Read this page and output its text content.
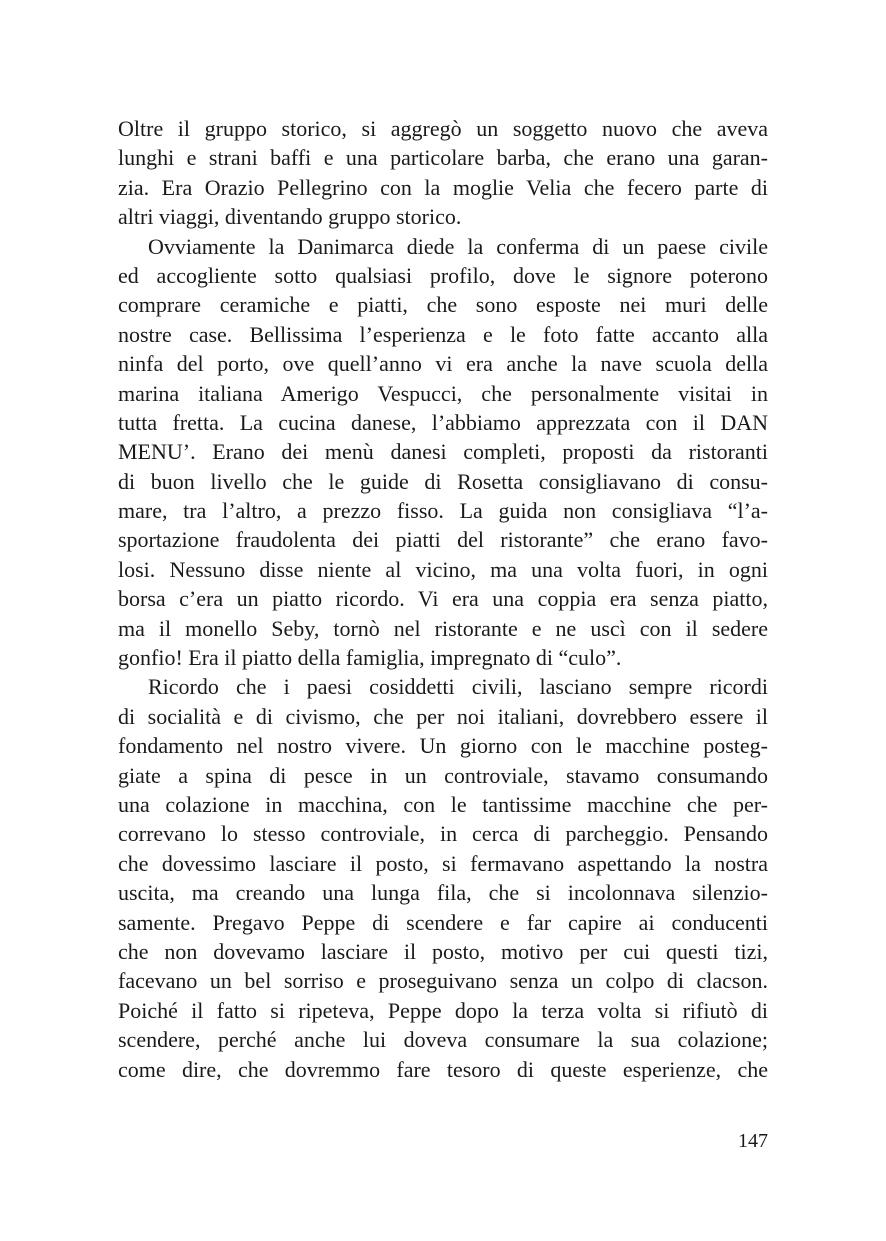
Oltre il gruppo storico, si aggregò un soggetto nuovo che aveva
lunghi e strani baffi e una particolare barba, che erano una garan-
zia. Era Orazio Pellegrino con la moglie Velia che fecero parte di
altri viaggi, diventando gruppo storico.
Ovviamente la Danimarca diede la conferma di un paese civile
ed accogliente sotto qualsiasi profilo, dove le signore poterono
comprare ceramiche e piatti, che sono esposte nei muri delle
nostre case. Bellissima l’esperienza e le foto fatte accanto alla
ninfa del porto, ove quell’anno vi era anche la nave scuola della
marina italiana Amerigo Vespucci, che personalmente visitai in
tutta fretta. La cucina danese, l’abbiamo apprezzata con il DAN
MENU’. Erano dei menù danesi completi, proposti da ristoranti
di buon livello che le guide di Rosetta consigliavano di consu-
mare, tra l’altro, a prezzo fisso. La guida non consigliava “l’a-
sportazione fraudolenta dei piatti del ristorante” che erano favo-
losi. Nessuno disse niente al vicino, ma una volta fuori, in ogni
borsa c’era un piatto ricordo. Vi era una coppia era senza piatto,
ma il monello Seby, tornò nel ristorante e ne uscì con il sedere
gonfio! Era il piatto della famiglia, impregnato di “culo”.
Ricordo che i paesi cosiddetti civili, lasciano sempre ricordi
di socialità e di civismo, che per noi italiani, dovrebbero essere il
fondamento nel nostro vivere. Un giorno con le macchine posteg-
giate a spina di pesce in un controviale, stavamo consumando
una colazione in macchina, con le tantissime macchine che per-
correvano lo stesso controviale, in cerca di parcheggio. Pensando
che dovessimo lasciare il posto, si fermavano aspettando la nostra
uscita, ma creando una lunga fila, che si incolonnava silenzio-
samente. Pregavo Peppe di scendere e far capire ai conducenti
che non dovevamo lasciare il posto, motivo per cui questi tizi,
facevano un bel sorriso e proseguivano senza un colpo di clacson.
Poiché il fatto si ripeteva, Peppe dopo la terza volta si rifiutò di
scendere, perché anche lui doveva consumare la sua colazione;
come dire, che dovremmo fare tesoro di queste esperienze, che
147
